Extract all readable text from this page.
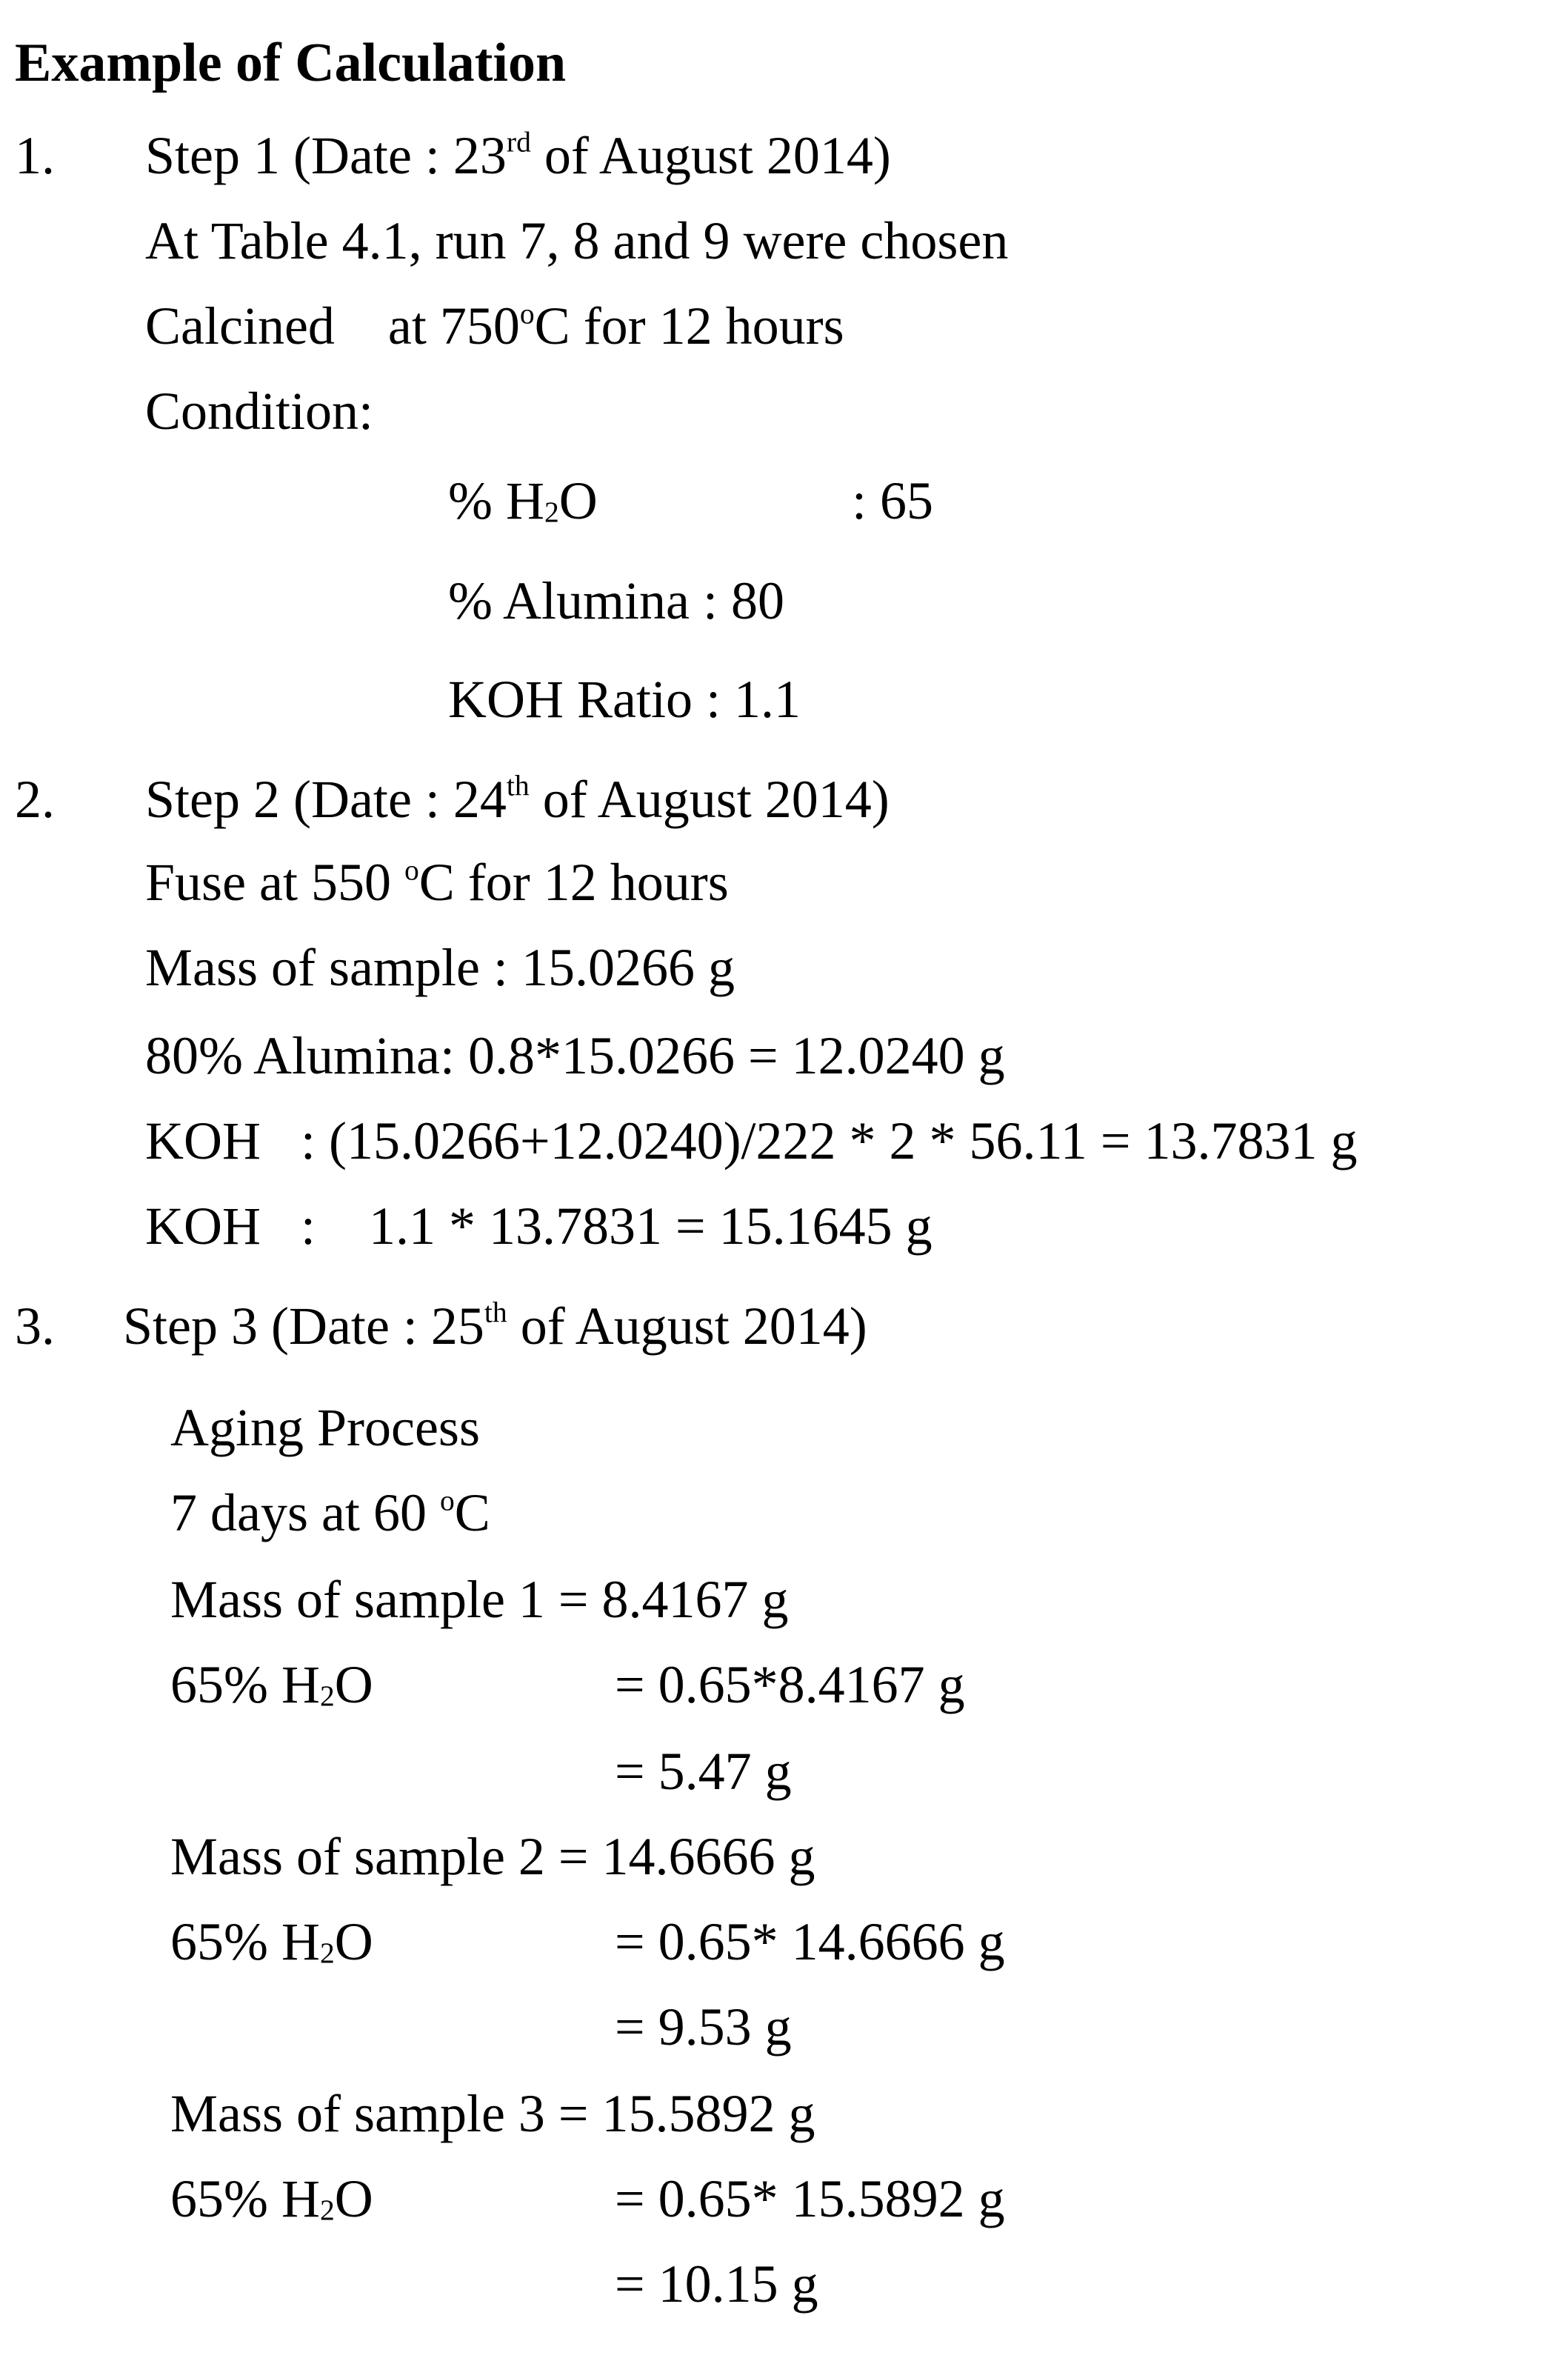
Example of Calculation
1. Step 1 (Date : 23rd of August 2014)
At Table 4.1, run 7, 8 and 9 were chosen
Calcined    at 750$^o$C for 12 hours
Condition:
% $H_2O$	: 65
% Alumina : 80
KOH Ratio : 1.1
2. Step 2 (Date : 24th of August 2014)
Fuse at 550 $^o$C for 12 hours
Mass of sample : 15.0266 g
80% Alumina: 0.8*15.0266 = 12.0240 g
KOH   : (15.0266+12.0240)/222 * 2 * 56.11 = 13.7831 g
KOH   :    1.1 * 13.7831 = 15.1645 g
3. Step 3 (Date : 25th of August 2014)
Aging Process
7 days at 60 $^o$C
Mass of sample 1 = 8.4167 g
65% $H_2O$	= 0.65*8.4167 g
= 5.47 g
Mass of sample 2 = 14.6666 g
65% $H_2O$	= 0.65* 14.6666 g
= 9.53 g
Mass of sample 3 = 15.5892 g
65% $H_2O$	= 0.65* 15.5892 g
= 10.15 g
